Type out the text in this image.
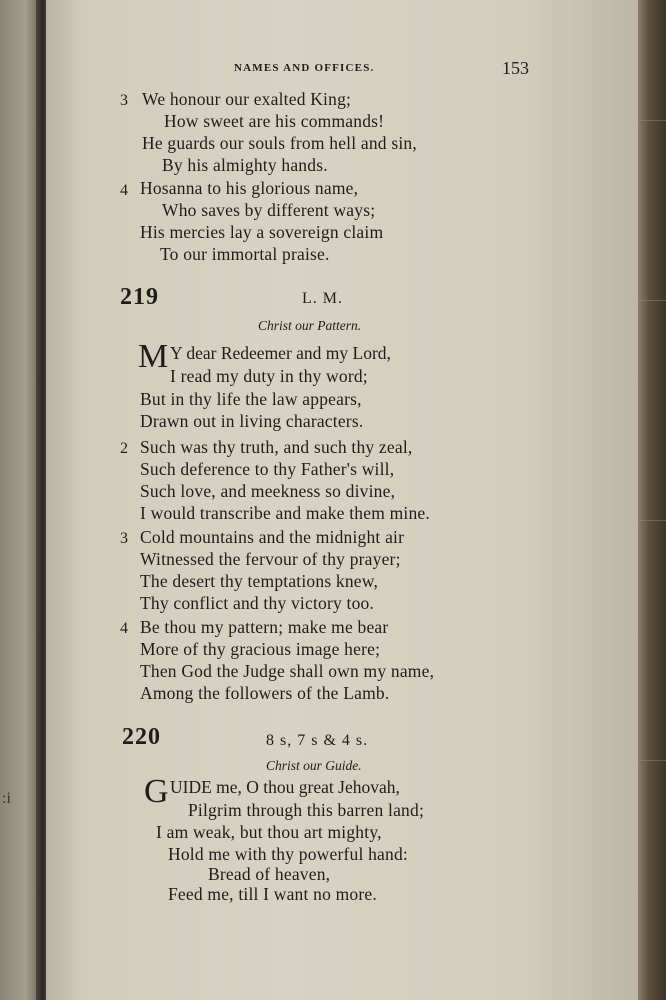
:i
NAMES AND OFFICES.	153
3 We honour our exalted King;
How sweet are his commands!
He guards our souls from hell and sin,
By his almighty hands.
4 Hosanna to his glorious name,
Who saves by different ways;
His mercies lay a sovereign claim
To our immortal praise.
219	L. M.
Christ our Pattern.
M Y dear Redeemer and my Lord,
I read my duty in thy word;
But in thy life the law appears,
Drawn out in living characters.
2 Such was thy truth, and such thy zeal,
Such deference to thy Father's will,
Such love, and meekness so divine,
I would transcribe and make them mine.
3 Cold mountains and the midnight air
Witnessed the fervour of thy prayer;
The desert thy temptations knew,
Thy conflict and thy victory too.
4 Be thou my pattern; make me bear
More of thy gracious image here;
Then God the Judge shall own my name,
Among the followers of the Lamb.
220	8 s, 7 s & 4 s.
Christ our Guide.
G UIDE me, O thou great Jehovah,
Pilgrim through this barren land;
I am weak, but thou art mighty,
Hold me with thy powerful hand:
Bread of heaven,
Feed me, till I want no more.
